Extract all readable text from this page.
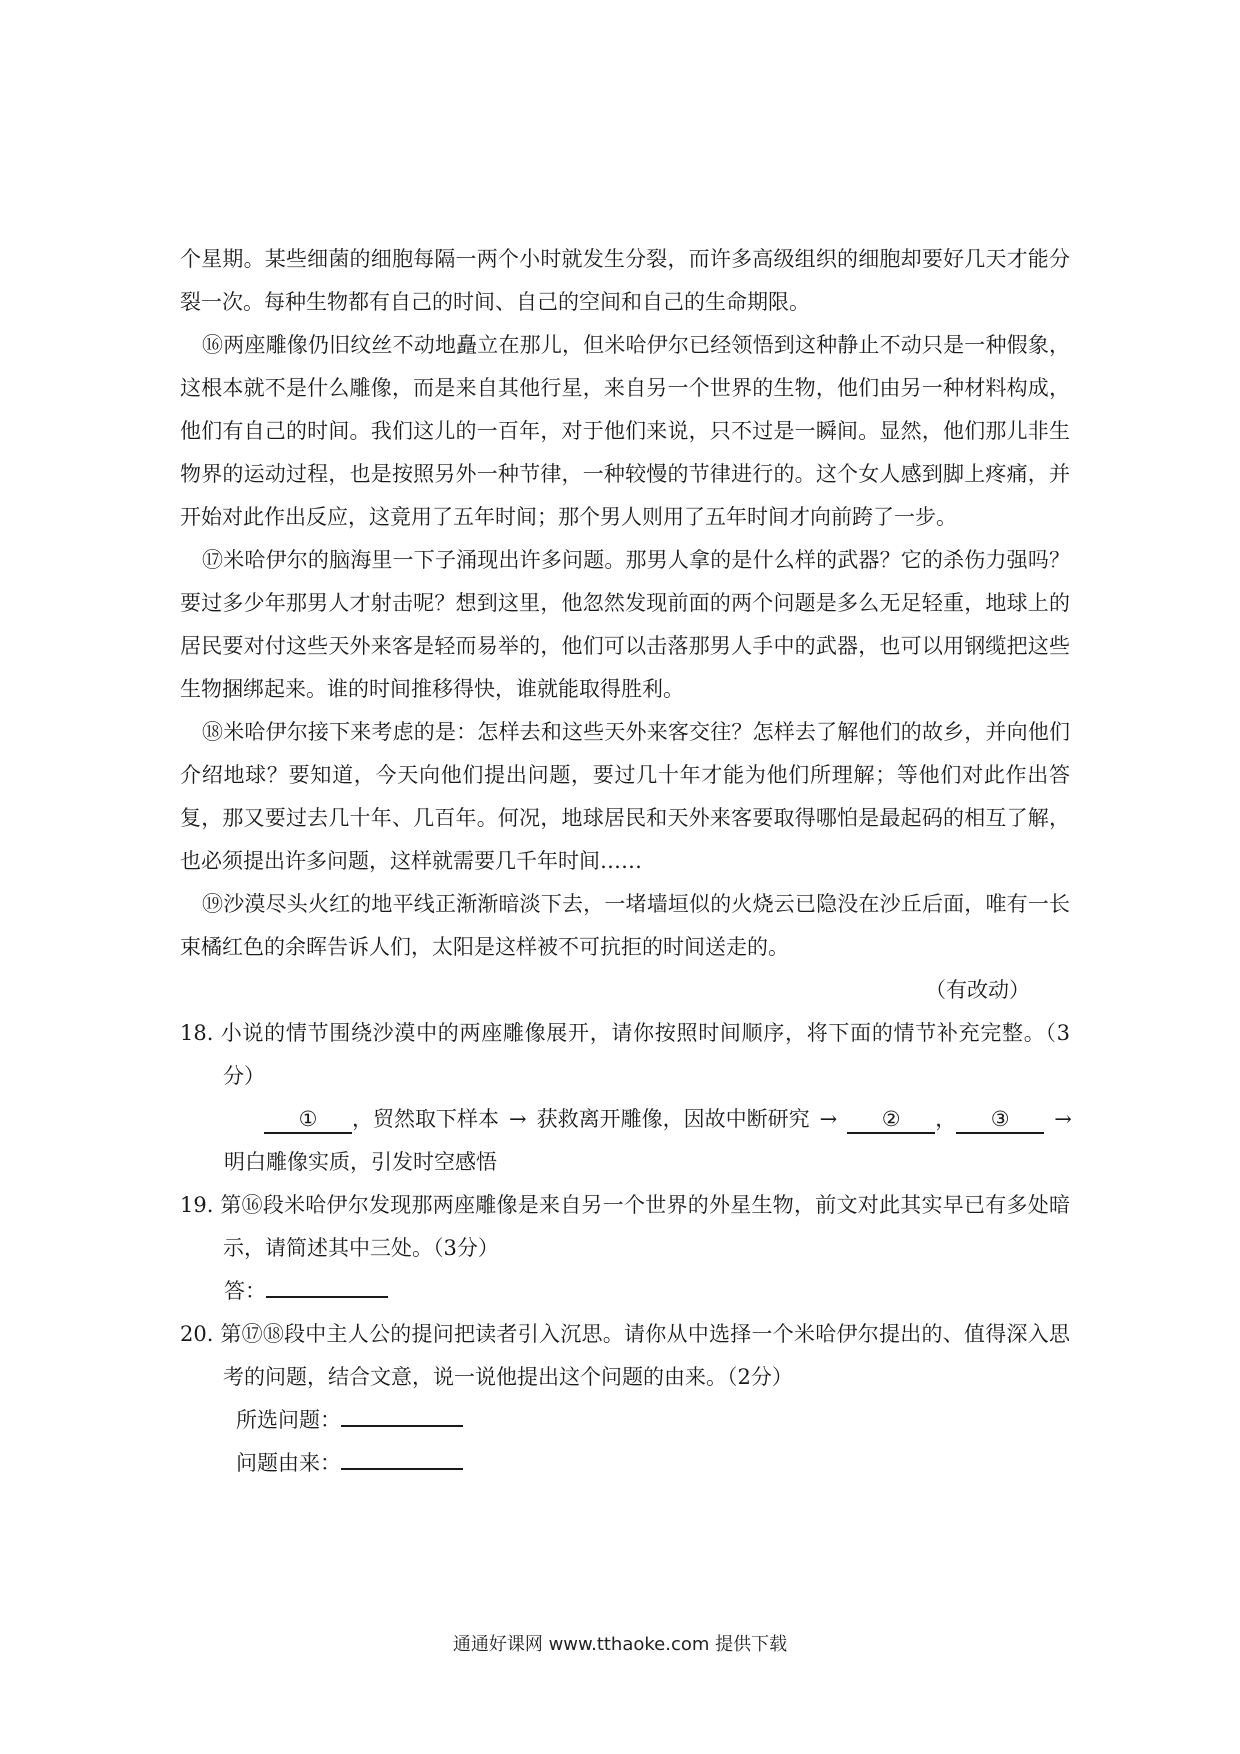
个星期。某些细菌的细胞每隔一两个小时就发生分裂，而许多高级组织的细胞却要好几天才能分裂一次。每种生物都有自己的时间、自己的空间和自己的生命期限。

⑯两座雕像仍旧纹丝不动地矗立在那儿，但米哈伊尔已经领悟到这种静止不动只是一种假象，这根本就不是什么雕像，而是来自其他行星，来自另一个世界的生物，他们由另一种材料构成，他们有自己的时间。我们这儿的一百年，对于他们来说，只不过是一瞬间。显然，他们那儿非生物界的运动过程，也是按照另外一种节律，一种较慢的节律进行的。这个女人感到脚上疼痛，并开始对此作出反应，这竟用了五年时间；那个男人则用了五年时间才向前跨了一步。

⑰米哈伊尔的脑海里一下子涌现出许多问题。那男人拿的是什么样的武器？它的杀伤力强吗？要过多少年那男人才射击呢？想到这里，他忽然发现前面的两个问题是多么无足轻重，地球上的居民要对付这些天外来客是轻而易举的，他们可以击落那男人手中的武器，也可以用钢缆把这些生物捆绑起来。谁的时间推移得快，谁就能取得胜利。

⑱米哈伊尔接下来考虑的是：怎样去和这些天外来客交往？怎样去了解他们的故乡，并向他们介绍地球？要知道，今天向他们提出问题，要过几十年才能为他们所理解；等他们对此作出答复，那又要过去几十年、几百年。何况，地球居民和天外来客要取得哪怕是最起码的相互了解，也必须提出许多问题，这样就需要几千年时间……

⑲沙漠尽头火红的地平线正渐渐暗淡下去，一堵墙垣似的火烧云已隐没在沙丘后面，唯有一长束橘红色的余晖告诉人们，太阳是这样被不可抗拒的时间送走的。

（有改动）

18. 小说的情节围绕沙漠中的两座雕像展开，请你按照时间顺序，将下面的情节补充完整。（3分）

① ，贸然取下样本 → 获救离开雕像，因故中断研究 → ② ， ③ →

明白雕像实质，引发时空感悟

19. 第⑯段米哈伊尔发现那两座雕像是来自另一个世界的外星生物，前文对此其实早已有多处暗示，请简述其中三处。（3分）

答：

20. 第⑰⑱段中主人公的提问把读者引入沉思。请你从中选择一个米哈伊尔提出的、值得深入思考的问题，结合文意，说一说他提出这个问题的由来。（2分）

所选问题：

问题由来：

通通好课网 www.tthaoke.com 提供下载
